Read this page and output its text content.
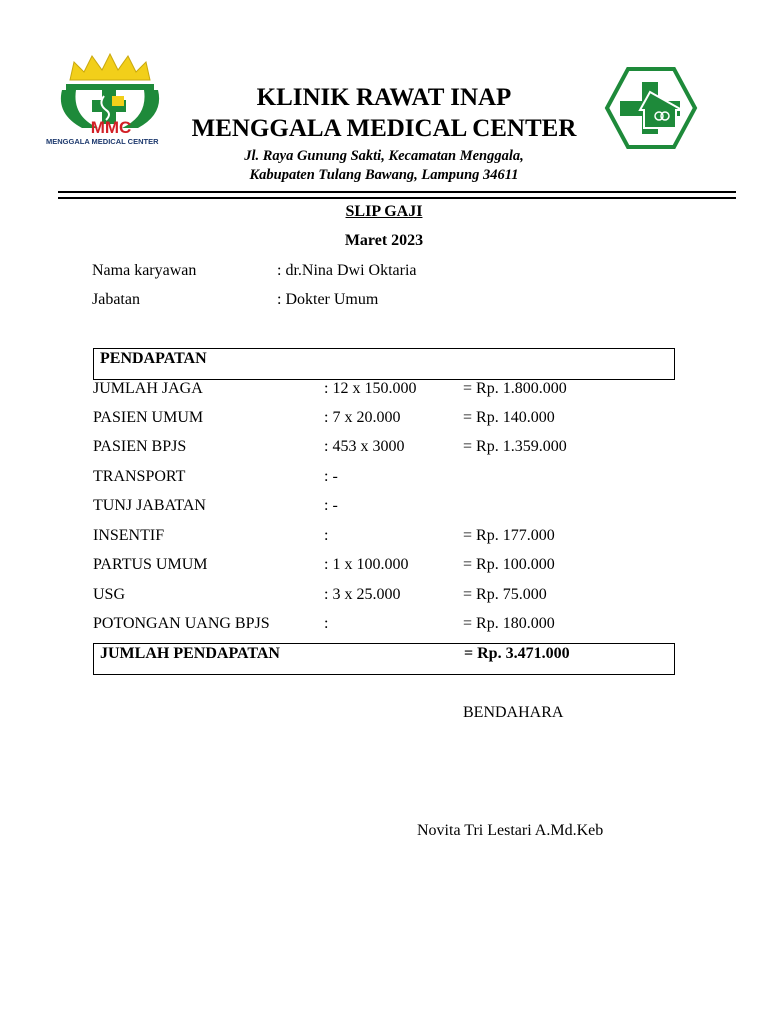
MMC
MENGGALA MEDICAL CENTER
KLINIK RAWAT INAP
MENGGALA MEDICAL CENTER
Jl. Raya Gunung Sakti, Kecamatan Menggala,
Kabupaten Tulang Bawang, Lampung 34611
SLIP GAJI
Maret 2023
Nama karyawan	: dr.Nina Dwi Oktaria
Jabatan	: Dokter Umum
PENDAPATAN
JUMLAH JAGA	: 12 x 150.000	= Rp. 1.800.000
PASIEN UMUM	: 7 x 20.000	= Rp. 140.000
PASIEN BPJS	: 453 x 3000	= Rp. 1.359.000
TRANSPORT	: -
TUNJ JABATAN	: -
INSENTIF	:	= Rp. 177.000
PARTUS UMUM	: 1 x 100.000	= Rp. 100.000
USG	: 3 x 25.000	= Rp. 75.000
POTONGAN UANG BPJS	:	= Rp. 180.000
JUMLAH PENDAPATAN	= Rp. 3.471.000
BENDAHARA
Novita Tri Lestari A.Md.Keb
